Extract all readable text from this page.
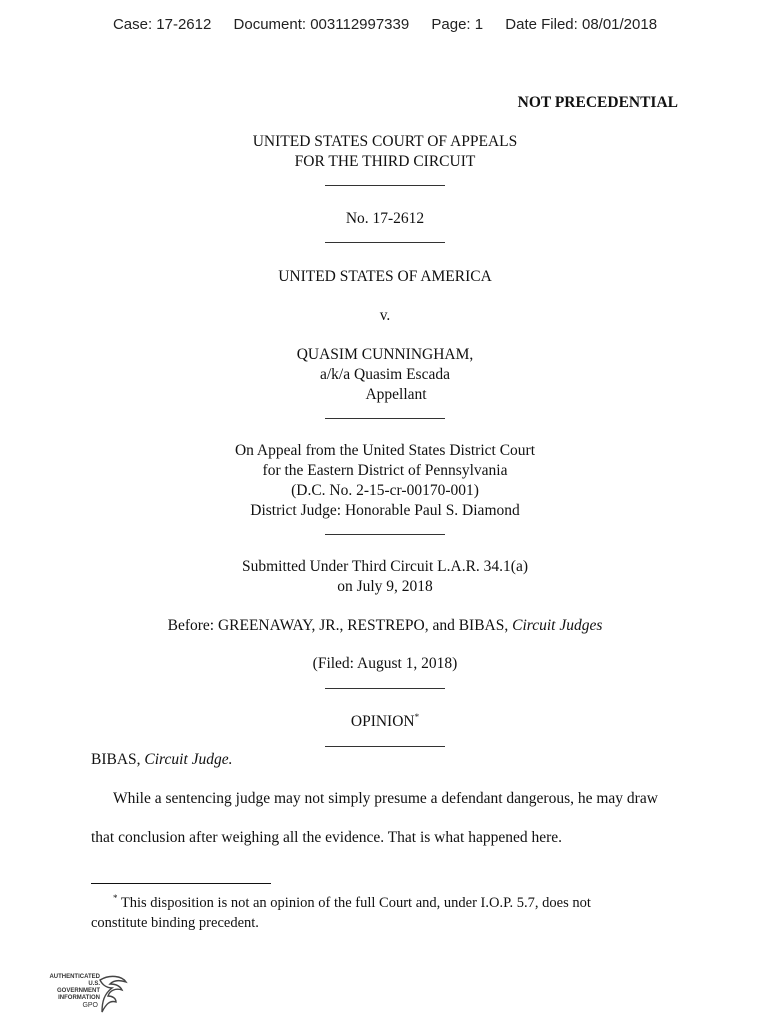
Case: 17-2612 Document: 003112997339 Page: 1 Date Filed: 08/01/2018
NOT PRECEDENTIAL
UNITED STATES COURT OF APPEALS
FOR THE THIRD CIRCUIT
No. 17-2612
UNITED STATES OF AMERICA
v.
QUASIM CUNNINGHAM,
a/k/a Quasim Escada
Appellant
On Appeal from the United States District Court
for the Eastern District of Pennsylvania
(D.C. No. 2-15-cr-00170-001)
District Judge: Honorable Paul S. Diamond
Submitted Under Third Circuit L.A.R. 34.1(a)
on July 9, 2018
Before: GREENAWAY, JR., RESTREPO, and BIBAS, Circuit Judges
(Filed: August 1, 2018)
OPINION*
BIBAS, Circuit Judge.
While a sentencing judge may not simply presume a defendant dangerous, he may draw
that conclusion after weighing all the evidence. That is what happened here.
* This disposition is not an opinion of the full Court and, under I.O.P. 5.7, does not
constitute binding precedent.
AUTHENTICATED
U.S. GOVERNMENT
INFORMATION
GPO
